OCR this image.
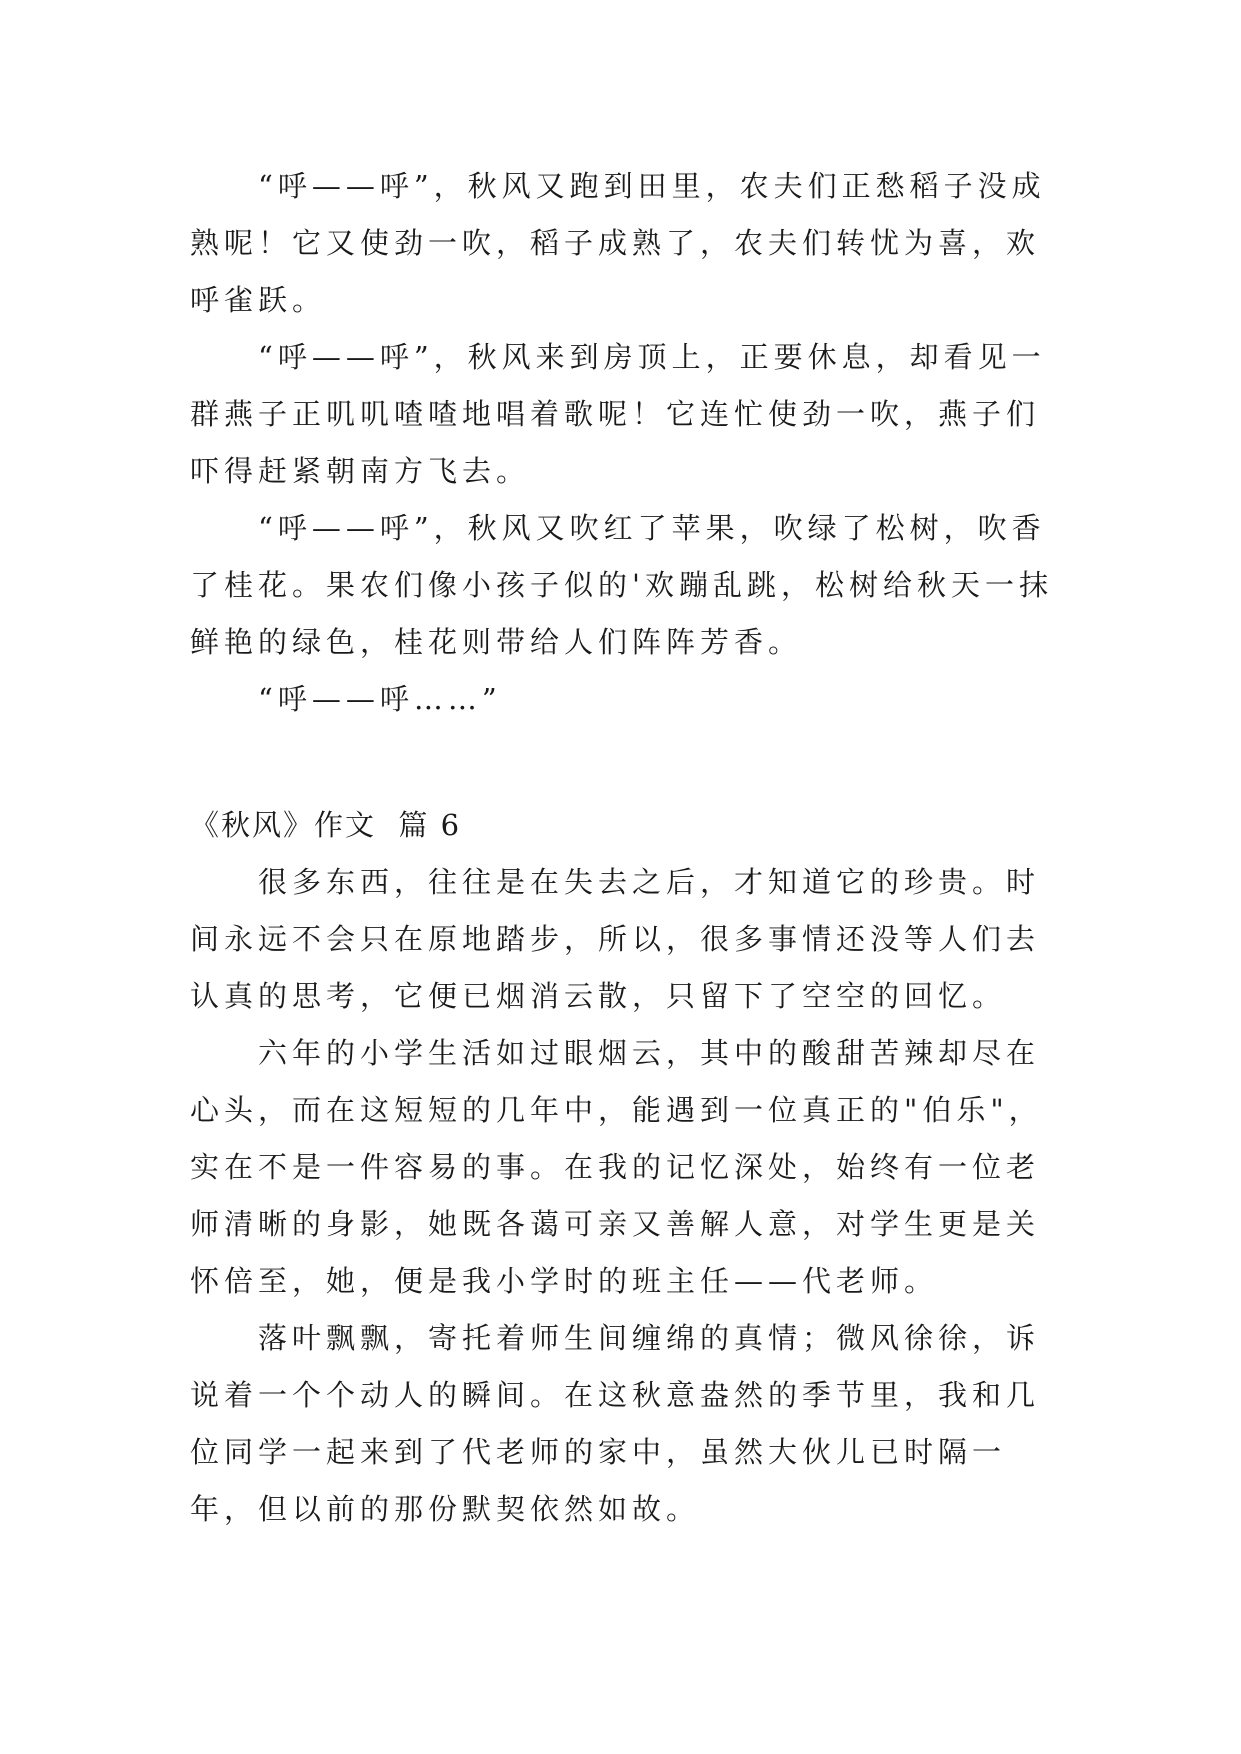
“呼——呼”，秋风又跑到田里，农夫们正愁稻子没成熟呢！它又使劲一吹，稻子成熟了，农夫们转忧为喜，欢呼雀跃。

“呼——呼”，秋风来到房顶上，正要休息，却看见一群燕子正叽叽喳喳地唱着歌呢！它连忙使劲一吹，燕子们吓得赶紧朝南方飞去。

“呼——呼”，秋风又吹红了苹果，吹绿了松树，吹香了桂花。果农们像小孩子似的'欢蹦乱跳，松树给秋天一抹鲜艳的绿色，桂花则带给人们阵阵芳香。

“呼——呼……”

《秋风》作文  篇 6

很多东西，往往是在失去之后，才知道它的珍贵。时间永远不会只在原地踏步，所以，很多事情还没等人们去认真的思考，它便已烟消云散，只留下了空空的回忆。

六年的小学生活如过眼烟云，其中的酸甜苦辣却尽在心头，而在这短短的几年中，能遇到一位真正的"伯乐"，实在不是一件容易的事。在我的记忆深处，始终有一位老师清晰的身影，她既各蔼可亲又善解人意，对学生更是关怀倍至，她，便是我小学时的班主任——代老师。

落叶飘飘，寄托着师生间缠绵的真情；微风徐徐，诉说着一个个动人的瞬间。在这秋意盎然的季节里，我和几位同学一起来到了代老师的家中，虽然大伙儿已时隔一年，但以前的那份默契依然如故。
